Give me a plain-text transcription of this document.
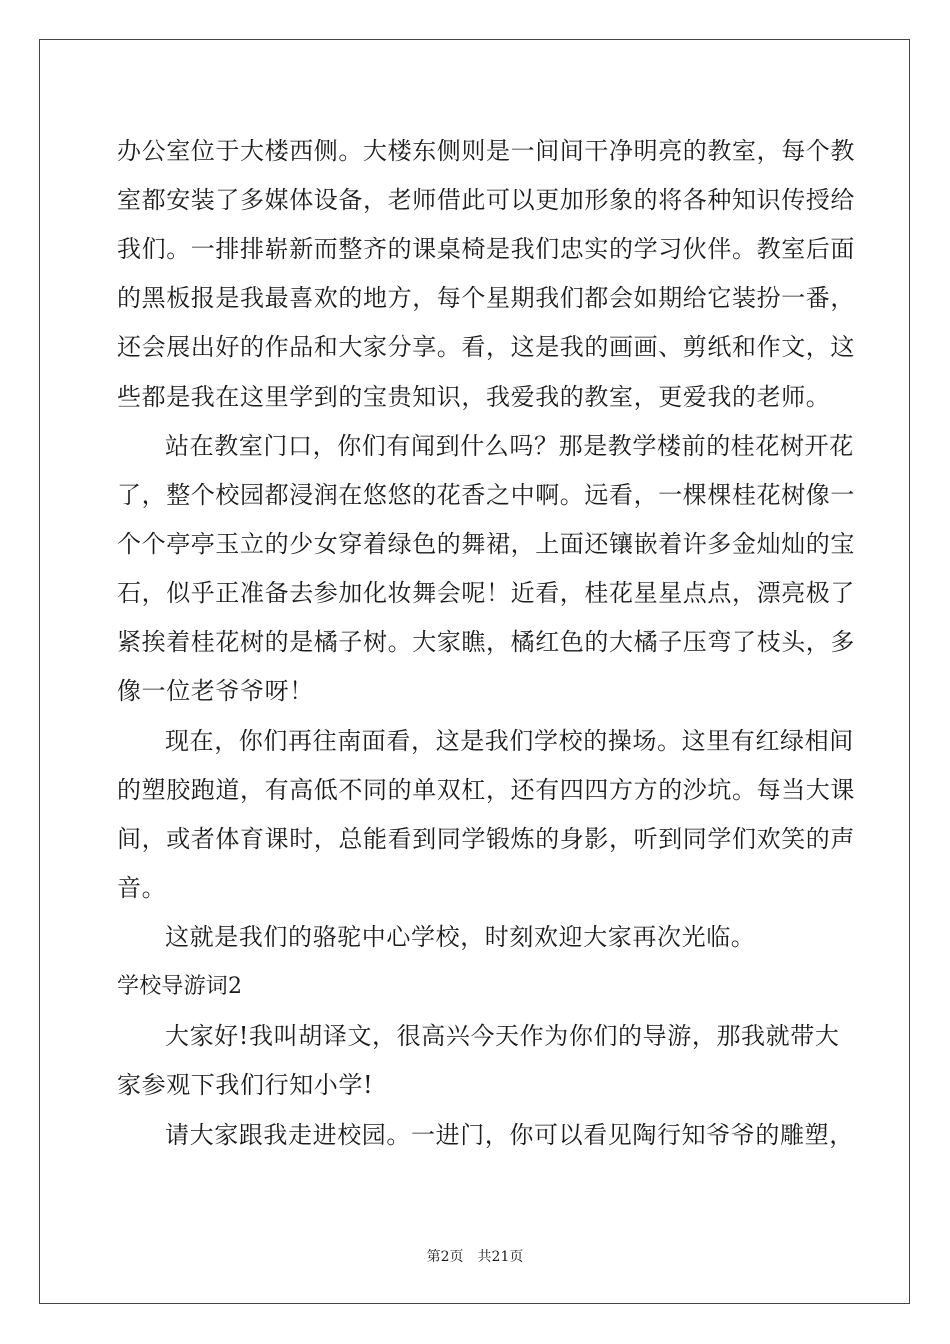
办公室位于大楼西侧。大楼东侧则是一间间干净明亮的教室，每个教
室都安装了多媒体设备，老师借此可以更加形象的将各种知识传授给
我们。一排排崭新而整齐的课桌椅是我们忠实的学习伙伴。教室后面
的黑板报是我最喜欢的地方，每个星期我们都会如期给它装扮一番，
还会展出好的作品和大家分享。看，这是我的画画、剪纸和作文，这
些都是我在这里学到的宝贵知识，我爱我的教室，更爱我的老师。
站在教室门口，你们有闻到什么吗？那是教学楼前的桂花树开花
了，整个校园都浸润在悠悠的花香之中啊。远看，一棵棵桂花树像一
个个亭亭玉立的少女穿着绿色的舞裙，上面还镶嵌着许多金灿灿的宝
石，似乎正准备去参加化妆舞会呢！近看，桂花星星点点，漂亮极了
紧挨着桂花树的是橘子树。大家瞧，橘红色的大橘子压弯了枝头，多
像一位老爷爷呀！
现在，你们再往南面看，这是我们学校的操场。这里有红绿相间
的塑胶跑道，有高低不同的单双杠，还有四四方方的沙坑。每当大课
间，或者体育课时，总能看到同学锻炼的身影，听到同学们欢笑的声
音。
这就是我们的骆驼中心学校，时刻欢迎大家再次光临。
学校导游词2
大家好!我叫胡译文，很高兴今天作为你们的导游，那我就带大
家参观下我们行知小学!
请大家跟我走进校园。一进门，你可以看见陶行知爷爷的雕塑，
第2页　共21页
